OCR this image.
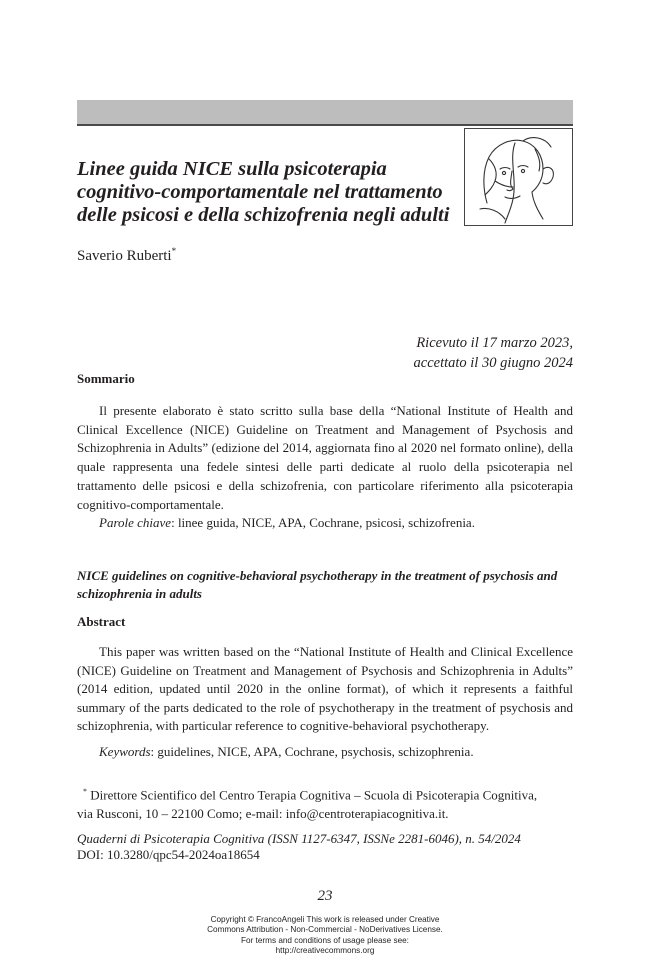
Linee guida NICE sulla psicoterapia cognitivo-comportamentale nel trattamento delle psicosi e della schizofrenia negli adulti
Saverio Ruberti*
Ricevuto il 17 marzo 2023,
accettato il 30 giugno 2024
Sommario

Il presente elaborato è stato scritto sulla base della “National Institute of Health and Clinical Excellence (NICE) Guideline on Treatment and Management of Psychosis and Schizophrenia in Adults” (edizione del 2014, aggiornata fino al 2020 nel formato online), della quale rappresenta una fedele sintesi delle parti dedicate al ruolo della psicoterapia nel trattamento delle psicosi e della schizofrenia, con particolare riferimento alla psicoterapia cognitivo-comportamentale.

Parole chiave: linee guida, NICE, APA, Cochrane, psicosi, schizofrenia.
NICE guidelines on cognitive-behavioral psychotherapy in the treatment of psychosis and schizophrenia in adults
Abstract

This paper was written based on the “National Institute of Health and Clinical Excellence (NICE) Guideline on Treatment and Management of Psychosis and Schizophrenia in Adults” (2014 edition, updated until 2020 in the online format), of which it represents a faithful summary of the parts dedicated to the role of psychotherapy in the treatment of psychosis and schizophrenia, with particular reference to cognitive-behavioral psychotherapy.

Keywords: guidelines, NICE, APA, Cochrane, psychosis, schizophrenia.
* Direttore Scientifico del Centro Terapia Cognitiva – Scuola di Psicoterapia Cognitiva,
via Rusconi, 10 – 22100 Como; e-mail: info@centroterapiacognitiva.it.
Quaderni di Psicoterapia Cognitiva (ISSN 1127-6347, ISSNe 2281-6046), n. 54/2024
DOI: 10.3280/qpc54-2024oa18654
23
Copyright © FrancoAngeli This work is released under Creative
Commons Attribution - Non-Commercial - NoDerivatives License.
For terms and conditions of usage please see:
http://creativecommons.org
